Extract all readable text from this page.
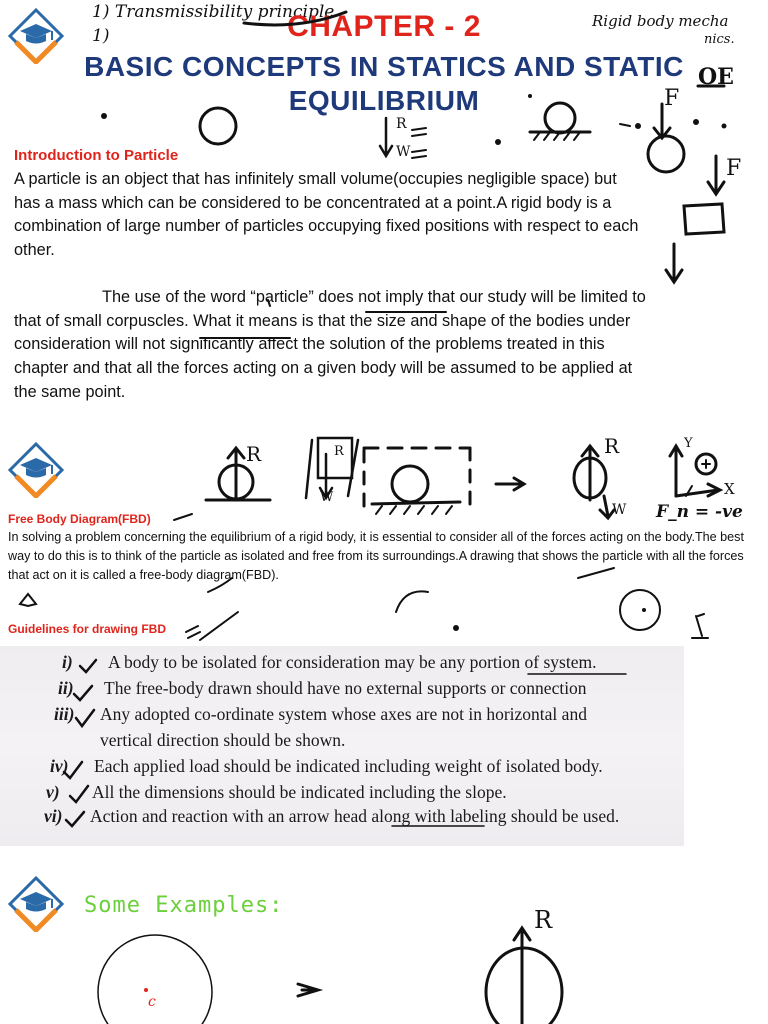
1) Transmissibility principle
1)
Rigid body mecha
nics.
CHAPTER - 2
BASIC CONCEPTS IN STATICS AND STATIC
EQUILIBRIUM
OE
F
F
R
W
Introduction to Particle
A particle is an object that has infinitely small volume(occupies negligible space) but has a mass which can be considered to be concentrated at a point.A rigid body is a combination of large number of particles occupying fixed positions with respect to each other.
The use of the word “particle” does not imply that our study will be limited to that of small corpuscles. What it means is that the size and shape of the bodies under consideration will not significantly affect the solution of the problems treated in this chapter and that all the forces acting on a given body will be assumed to be applied at the same point.
R	R
W
R
W
Y
X
F_n = -ve
Free Body Diagram(FBD)
In solving a problem concerning the equilibrium of a rigid body, it is essential to consider all of the forces acting on the body.The best way to do this is to think of the particle as isolated and free from its surroundings.A drawing that shows the particle with all the forces that act on it is called a free-body diagram(FBD).
Guidelines for drawing FBD
i) A body to be isolated for consideration may be any portion of system.
ii) The free-body drawn should have no external supports or connection
iii) Any adopted co-ordinate system whose axes are not in horizontal and
vertical direction should be shown.
iv) Each applied load should be indicated including weight of isolated body.
v) All the dimensions should be indicated including the slope.
vi) Action and reaction with an arrow head along with labeling should be used.
Some Examples:
c
R
